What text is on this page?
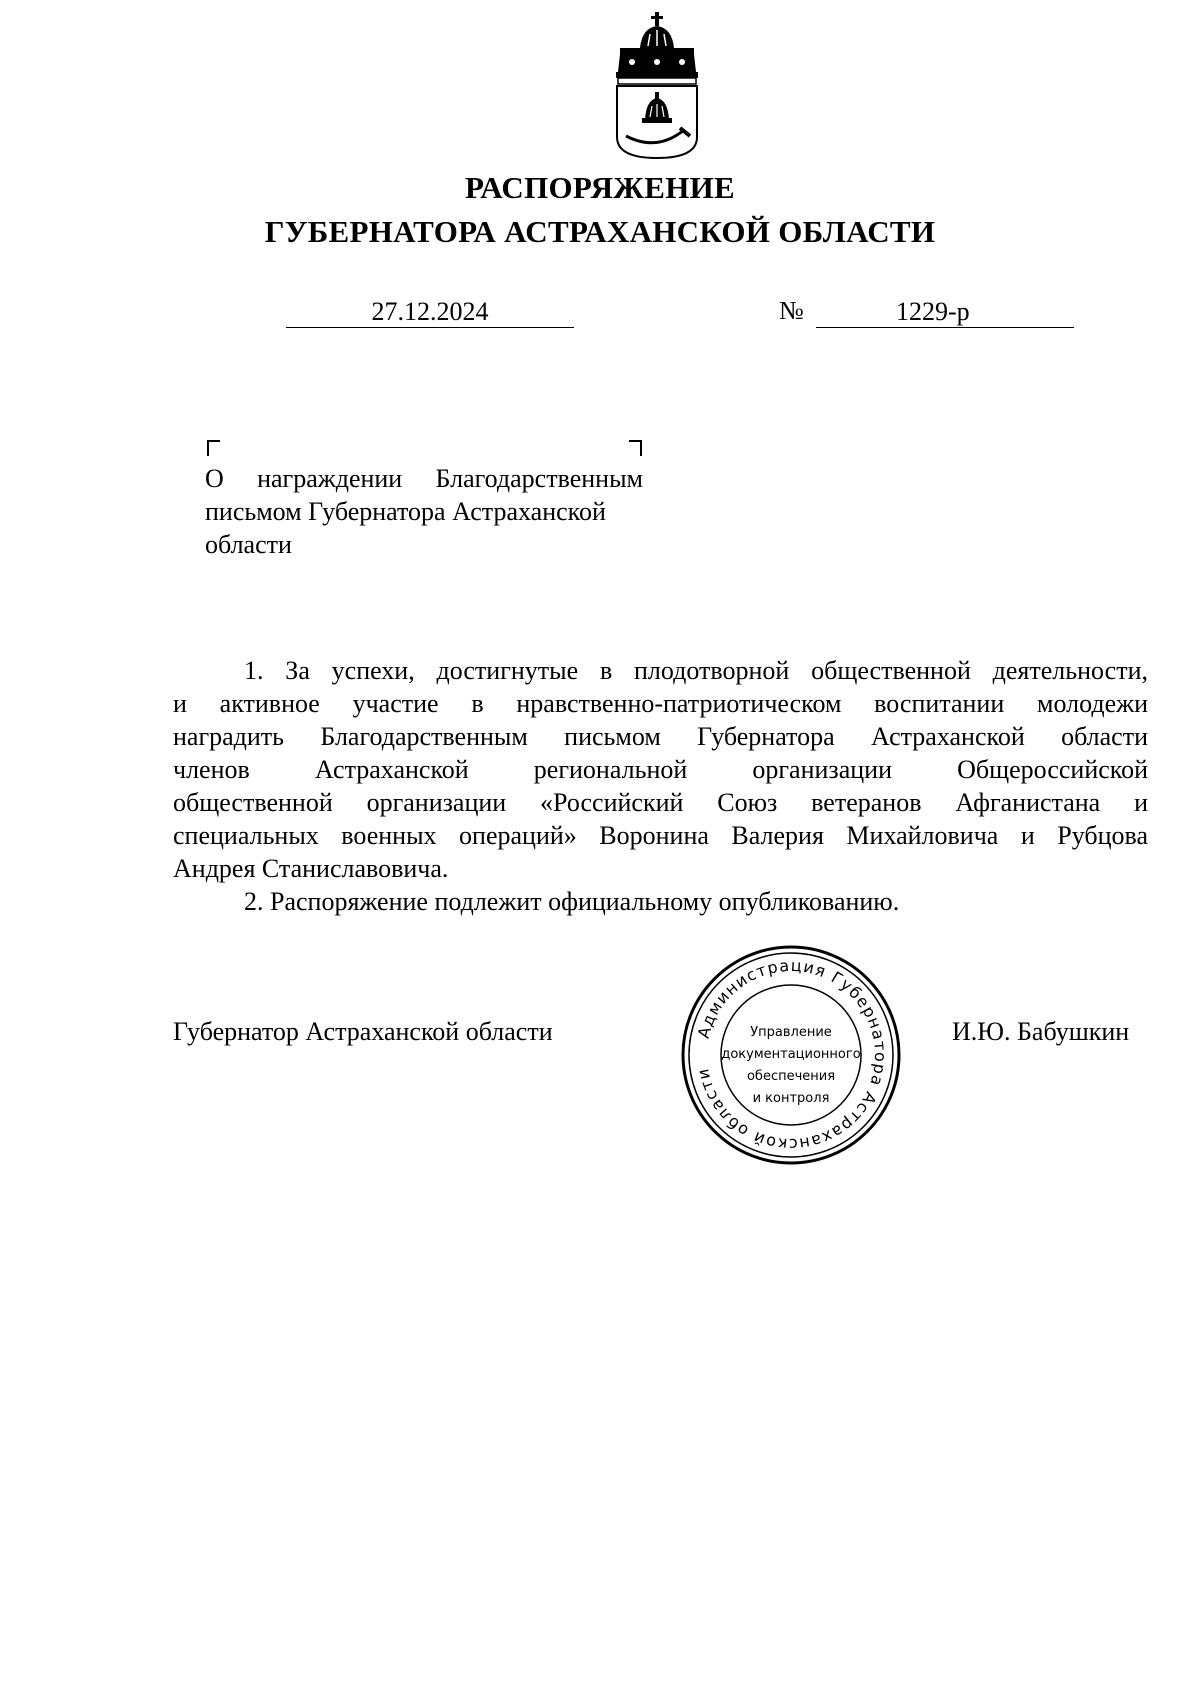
РАСПОРЯЖЕНИЕ
ГУБЕРНАТОРА АСТРАХАНСКОЙ ОБЛАСТИ
27.12.2024	№	1229-р
О награждении Благодарственным
письмом Губернатора Астраханской
области

1. За успехи, достигнутые в плодотворной общественной деятельности,
и активное участие в нравственно-патриотическом воспитании молодежи
наградить Благодарственным письмом Губернатора Астраханской области
членов Астраханской региональной организации Общероссийской
общественной организации «Российский Союз ветеранов Афганистана и
специальных военных операций» Воронина Валерия Михайловича и Рубцова
Андрея Станиславовича.

2. Распоряжение подлежит официальному опубликованию.

Губернатор Астраханской области	И.Ю. Бабушкин
Администрация Губернатора Астраханской области
Управление
документационного
обеспечения
и контроля
